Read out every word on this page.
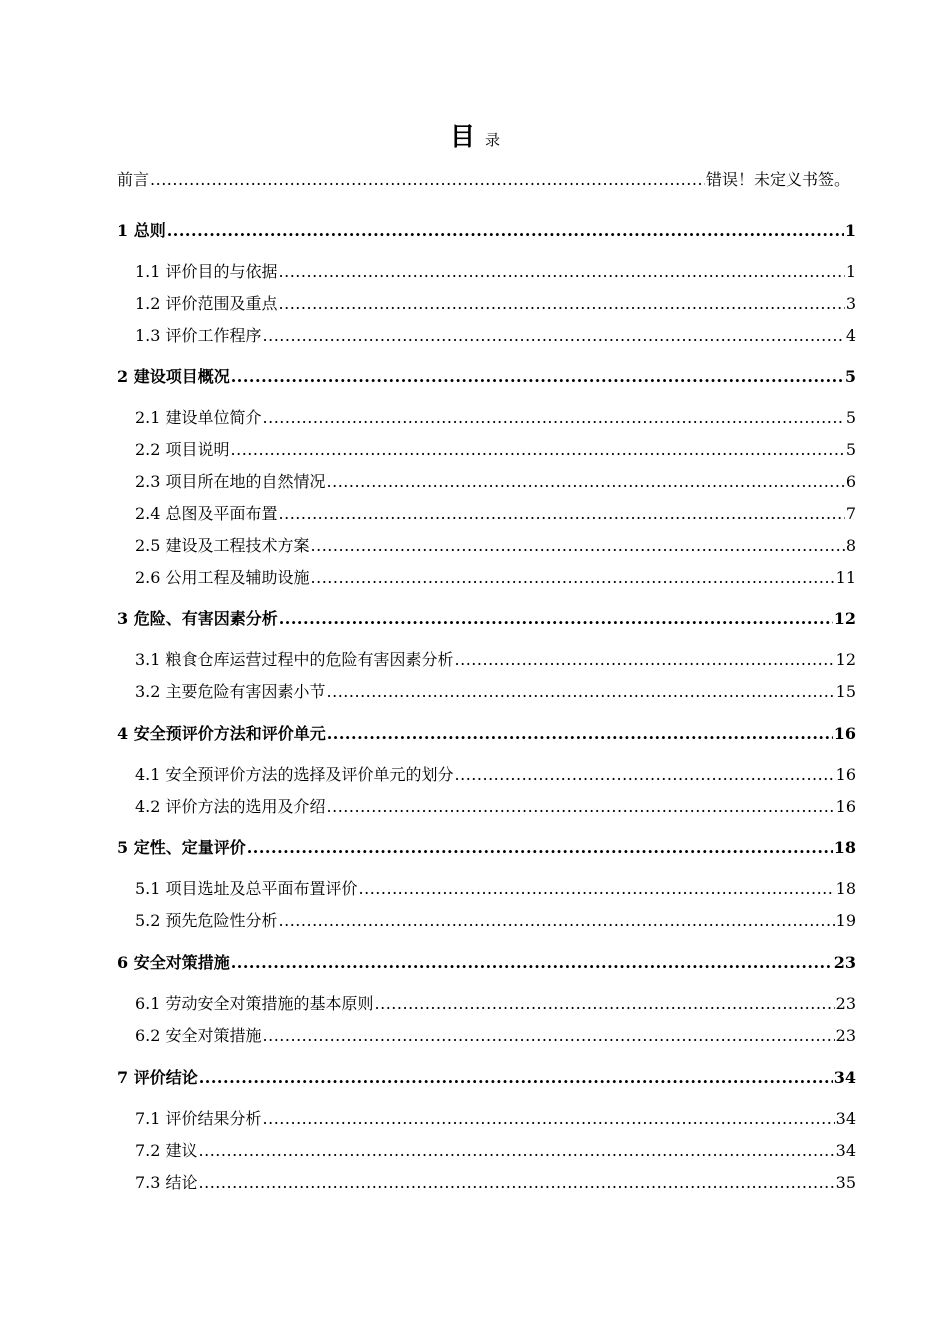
目录
前言 .....	错误！未定义书签。
1 总则 .....	1
1.1 评价目的与依据 .....	1
1.2 评价范围及重点 .....	3
1.3 评价工作程序 .....	4
2 建设项目概况 .....	5
2.1 建设单位简介 .....	5
2.2 项目说明 .....	5
2.3 项目所在地的自然情况 .....	6
2.4 总图及平面布置 .....	7
2.5 建设及工程技术方案 .....	8
2.6 公用工程及辅助设施 .....	11
3 危险、有害因素分析 .....	12
3.1 粮食仓库运营过程中的危险有害因素分析 .....	12
3.2 主要危险有害因素小节 .....	15
4 安全预评价方法和评价单元 .....	16
4.1 安全预评价方法的选择及评价单元的划分 .....	16
4.2 评价方法的选用及介绍 .....	16
5 定性、定量评价 .....	18
5.1 项目选址及总平面布置评价 .....	18
5.2 预先危险性分析 .....	19
6 安全对策措施 .....	23
6.1 劳动安全对策措施的基本原则 .....	23
6.2 安全对策措施 .....	23
7 评价结论 .....	34
7.1 评价结果分析 .....	34
7.2 建议 .....	34
7.3 结论 .....	35
